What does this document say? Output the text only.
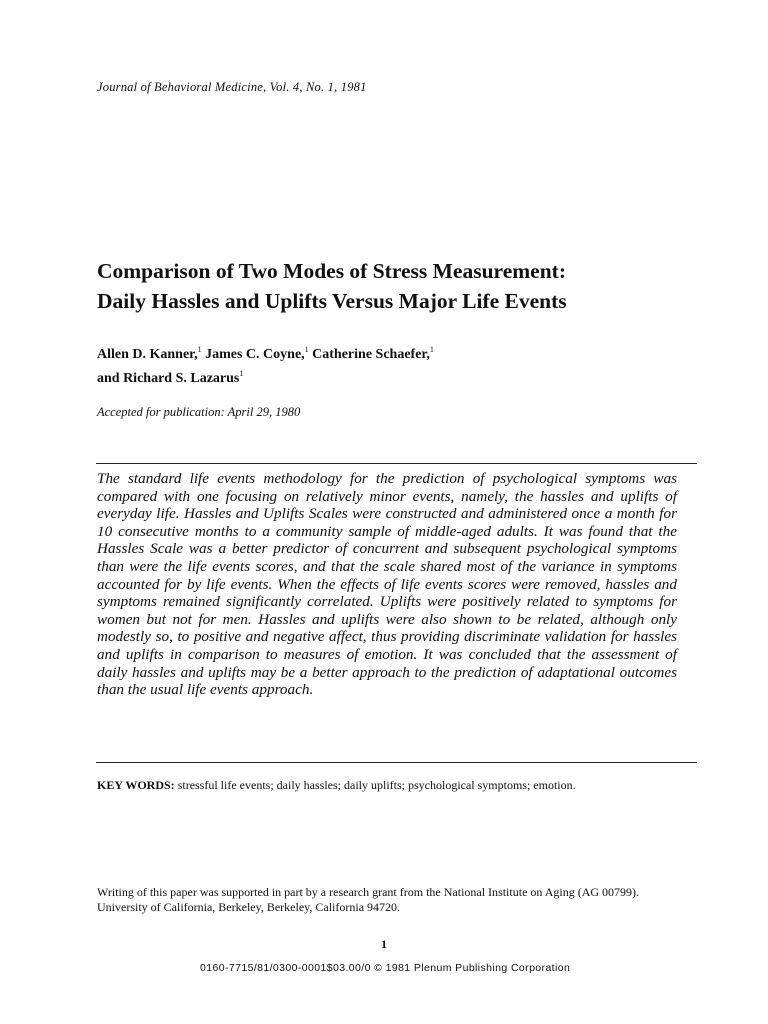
Journal of Behavioral Medicine, Vol. 4, No. 1, 1981
Comparison of Two Modes of Stress Measurement:
Daily Hassles and Uplifts Versus Major Life Events
Allen D. Kanner,$^1$ James C. Coyne,$^1$ Catherine Schaefer,$^1$
and Richard S. Lazarus$^1$
Accepted for publication: April 29, 1980
The standard life events methodology for the prediction of psychological symptoms was compared with one focusing on relatively minor events, namely, the hassles and uplifts of everyday life. Hassles and Uplifts Scales were constructed and administered once a month for 10 consecutive months to a community sample of middle-aged adults. It was found that the Hassles Scale was a better predictor of concurrent and subsequent psychological symptoms than were the life events scores, and that the scale shared most of the variance in symptoms accounted for by life events. When the effects of life events scores were removed, hassles and symptoms remained significantly correlated. Uplifts were positively related to symptoms for women but not for men. Hassles and uplifts were also shown to be related, although only modestly so, to positive and negative affect, thus providing discriminate validation for hassles and uplifts in comparison to measures of emotion. It was concluded that the assessment of daily hassles and uplifts may be a better approach to the prediction of adaptational outcomes than the usual life events approach.
KEY WORDS: stressful life events; daily hassles; daily uplifts; psychological symptoms; emotion.
Writing of this paper was supported in part by a research grant from the National Institute on Aging (AG 00799).
University of California, Berkeley, Berkeley, California 94720.
1
0160-7715/81/0300-0001$03.00/0 © 1981 Plenum Publishing Corporation
